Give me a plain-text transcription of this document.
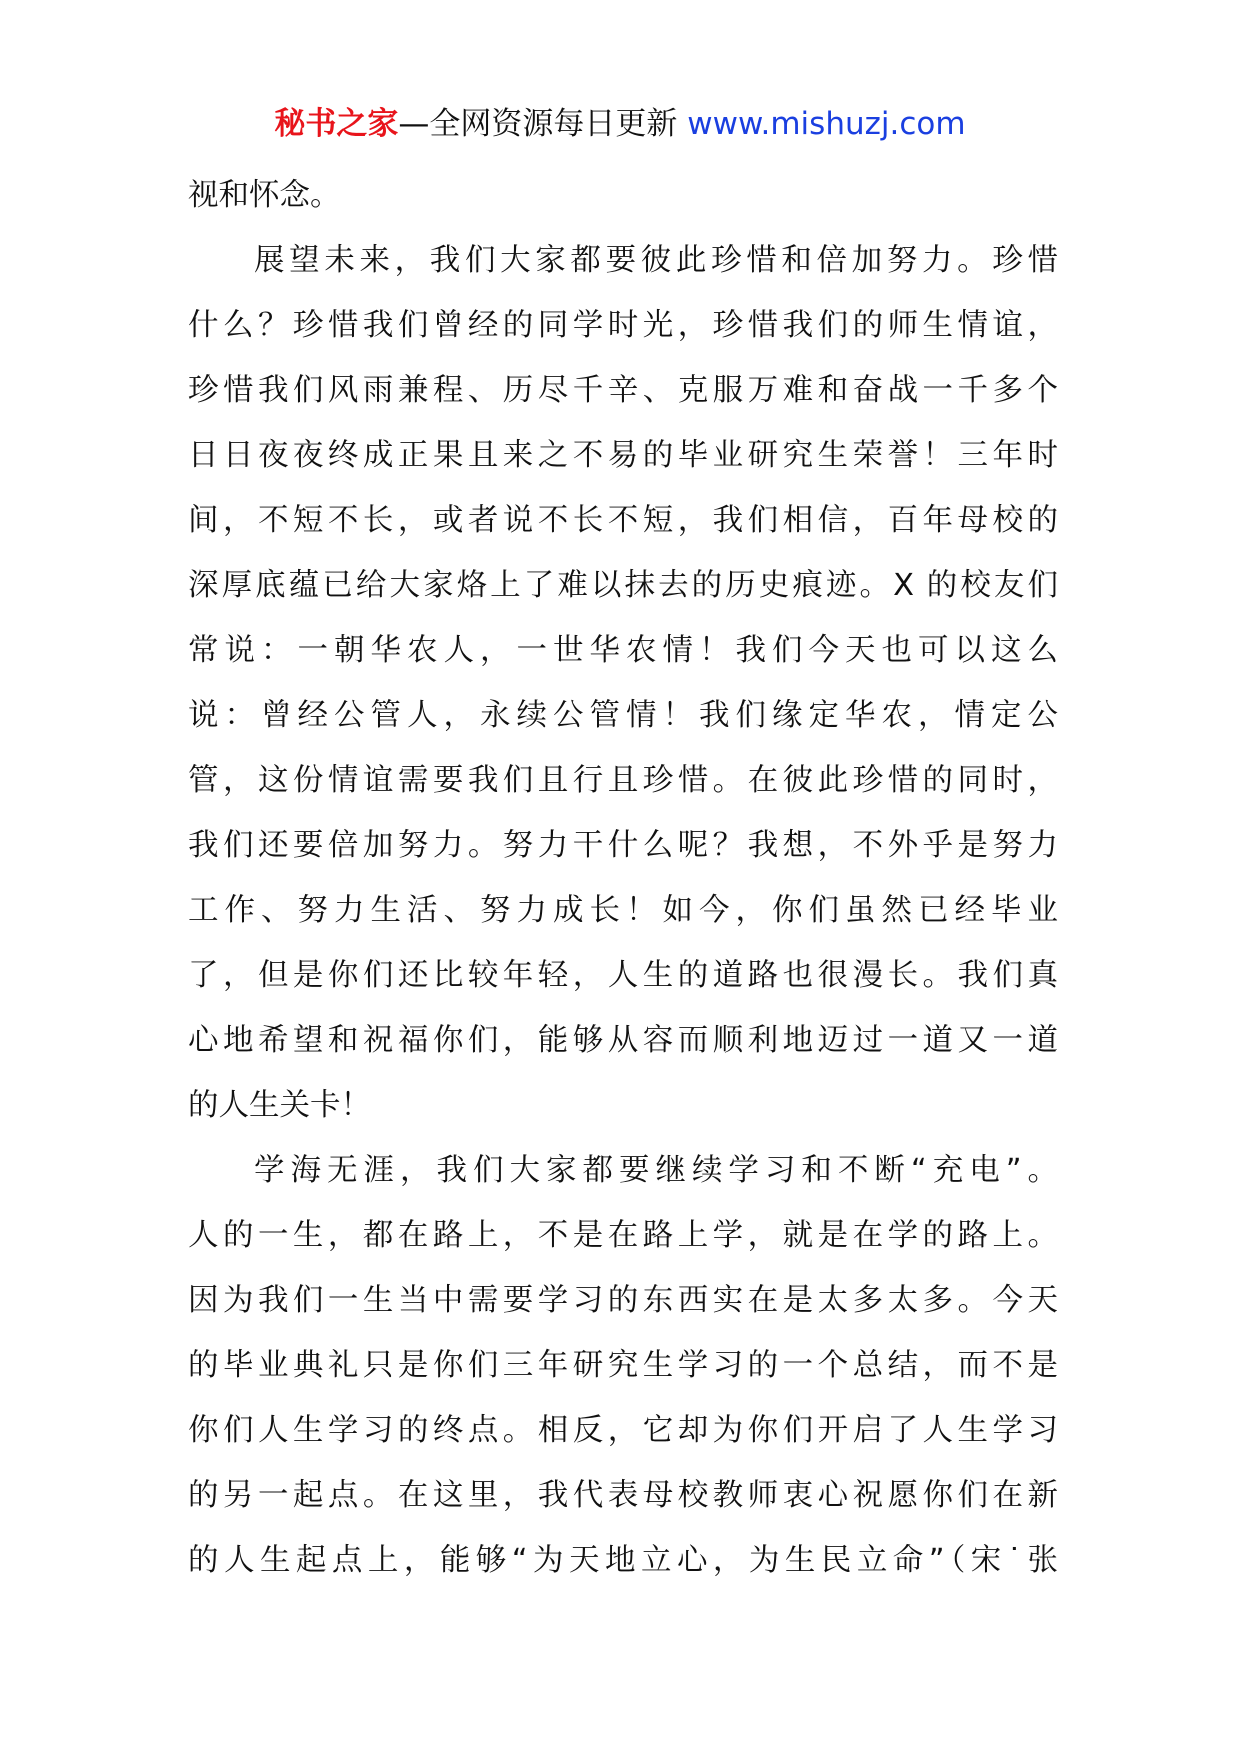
秘书之家—全网资源每日更新 www.mishuzj.com
视和怀念。
展望未来，我们大家都要彼此珍惜和倍加努力。珍惜
什么？珍惜我们曾经的同学时光，珍惜我们的师生情谊，
珍惜我们风雨兼程、历尽千辛、克服万难和奋战一千多个
日日夜夜终成正果且来之不易的毕业研究生荣誉！三年时
间，不短不长，或者说不长不短，我们相信，百年母校的
深厚底蕴已给大家烙上了难以抹去的历史痕迹。X 的校友们
常说：一朝华农人，一世华农情！我们今天也可以这么
说：曾经公管人，永续公管情！我们缘定华农，情定公
管，这份情谊需要我们且行且珍惜。在彼此珍惜的同时，
我们还要倍加努力。努力干什么呢？我想，不外乎是努力
工作、努力生活、努力成长！如今，你们虽然已经毕业
了，但是你们还比较年轻，人生的道路也很漫长。我们真
心地希望和祝福你们，能够从容而顺利地迈过一道又一道
的人生关卡！
学海无涯，我们大家都要继续学习和不断“充电”。
人的一生，都在路上，不是在路上学，就是在学的路上。
因为我们一生当中需要学习的东西实在是太多太多。今天
的毕业典礼只是你们三年研究生学习的一个总结，而不是
你们人生学习的终点。相反，它却为你们开启了人生学习
的另一起点。在这里，我代表母校教师衷心祝愿你们在新
的人生起点上，能够“为天地立心，为生民立命”（宋˙张
